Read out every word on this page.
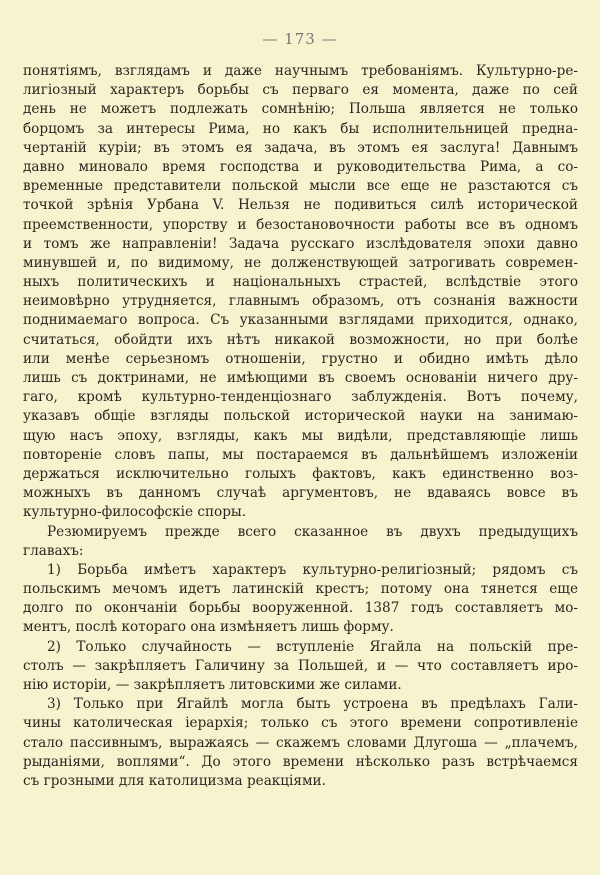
— 173 —
понятіямъ, взглядамъ и даже научнымъ требованіямъ. Культурно-ре-
лигіозный характеръ борьбы съ перваго ея момента, даже по сей
день не можетъ подлежать сомнѣнію; Польша является не только
борцомъ за интересы Рима, но какъ бы исполнительницей предна-
чертаній куріи; въ этомъ ея задача, въ этомъ ея заслуга! Давнымъ
давно миновало время господства и руководительства Рима, а со-
временные представители польской мысли все еще не разстаются съ
точкой зрѣнія Урбана V. Нельзя не подивиться силѣ исторической
преемственности, упорству и безостановочности работы все въ одномъ
и томъ же направленіи! Задача русскаго изслѣдователя эпохи давно
минувшей и, по видимому, не долженствующей затрогивать современ-
ныхъ политическихъ и національныхъ страстей, вслѣдствіе этого
неимовѣрно утрудняется, главнымъ образомъ, отъ сознанія важности
поднимаемаго вопроса. Съ указанными взглядами приходится, однако,
считаться, обойдти ихъ нѣтъ никакой возможности, но при болѣе
или менѣе серьезномъ отношеніи, грустно и обидно имѣть дѣло
лишь съ доктринами, не имѣющими въ своемъ основаніи ничего дру-
гаго, кромѣ культурно-тенденціознаго заблужденія. Вотъ почему,
указавъ общіе взгляды польской исторической науки на занимаю-
щую насъ эпоху, взгляды, какъ мы видѣли, представляющіе лишь
повтореніе словъ папы, мы постараемся въ дальнѣйшемъ изложеніи
держаться исключительно голыхъ фактовъ, какъ единственно воз-
можныхъ въ данномъ случаѣ аргументовъ, не вдаваясь вовсе въ
культурно-философскіе споры.
Резюмируемъ прежде всего сказанное въ двухъ предыдущихъ
главахъ:
1) Борьба имѣетъ характеръ культурно-религіозный; рядомъ съ
польскимъ мечомъ идетъ латинскій крестъ; потому она тянется еще
долго по окончаніи борьбы вооруженной. 1387 годъ составляетъ мо-
ментъ, послѣ котораго она измѣняетъ лишь форму.
2) Только случайность — вступленіе Ягайла на польскій пре-
столъ — закрѣпляетъ Галичину за Польшей, и — что составляетъ иро-
нію исторіи, — закрѣпляетъ литовскими же силами.
3) Только при Ягайлѣ могла быть устроена въ предѣлахъ Гали-
чины католическая іерархія; только съ этого времени сопротивленіе
стало пассивнымъ, выражаясь — скажемъ словами Длугоша — „плачемъ,
рыданіями, воплями“. До этого времени нѣсколько разъ встрѣчаемся
съ грозными для католицизма реакціями.
